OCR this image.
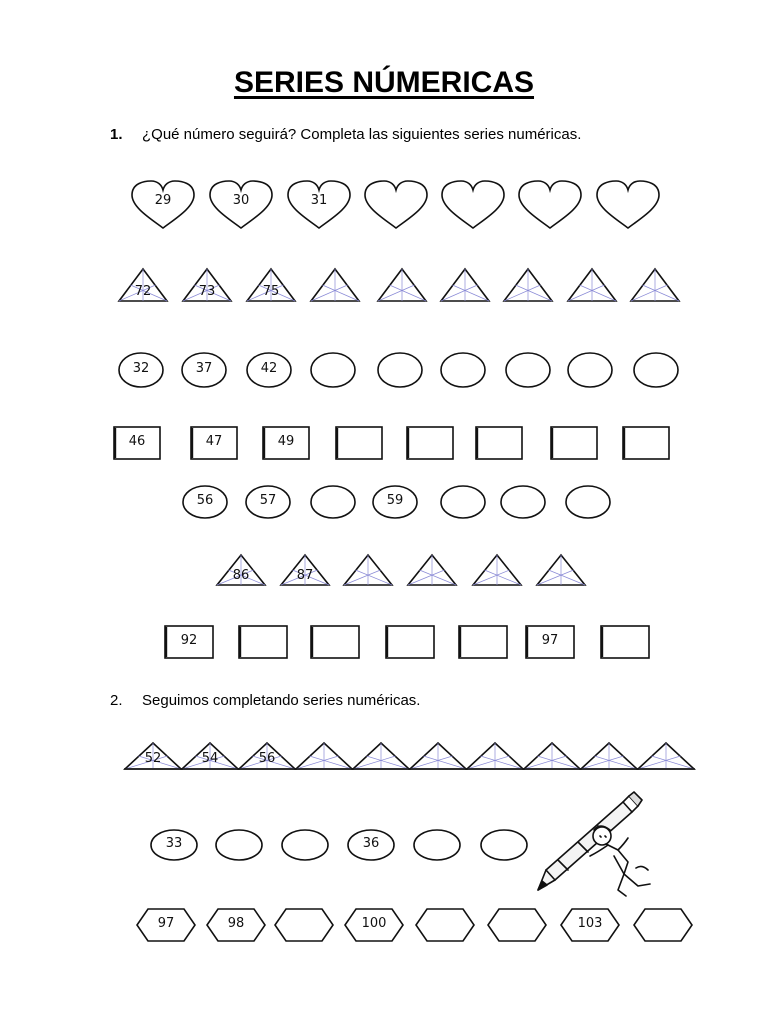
SERIES NÚMERICAS
1. ¿Qué número seguirá? Completa las siguientes series numéricas.
2. Seguimos completando series numéricas.
29	30	31
72	73	75
32	37	42
46	47	49
56	57	59
86	87
92	97
52	54	56
33	36
97	98	100	103
